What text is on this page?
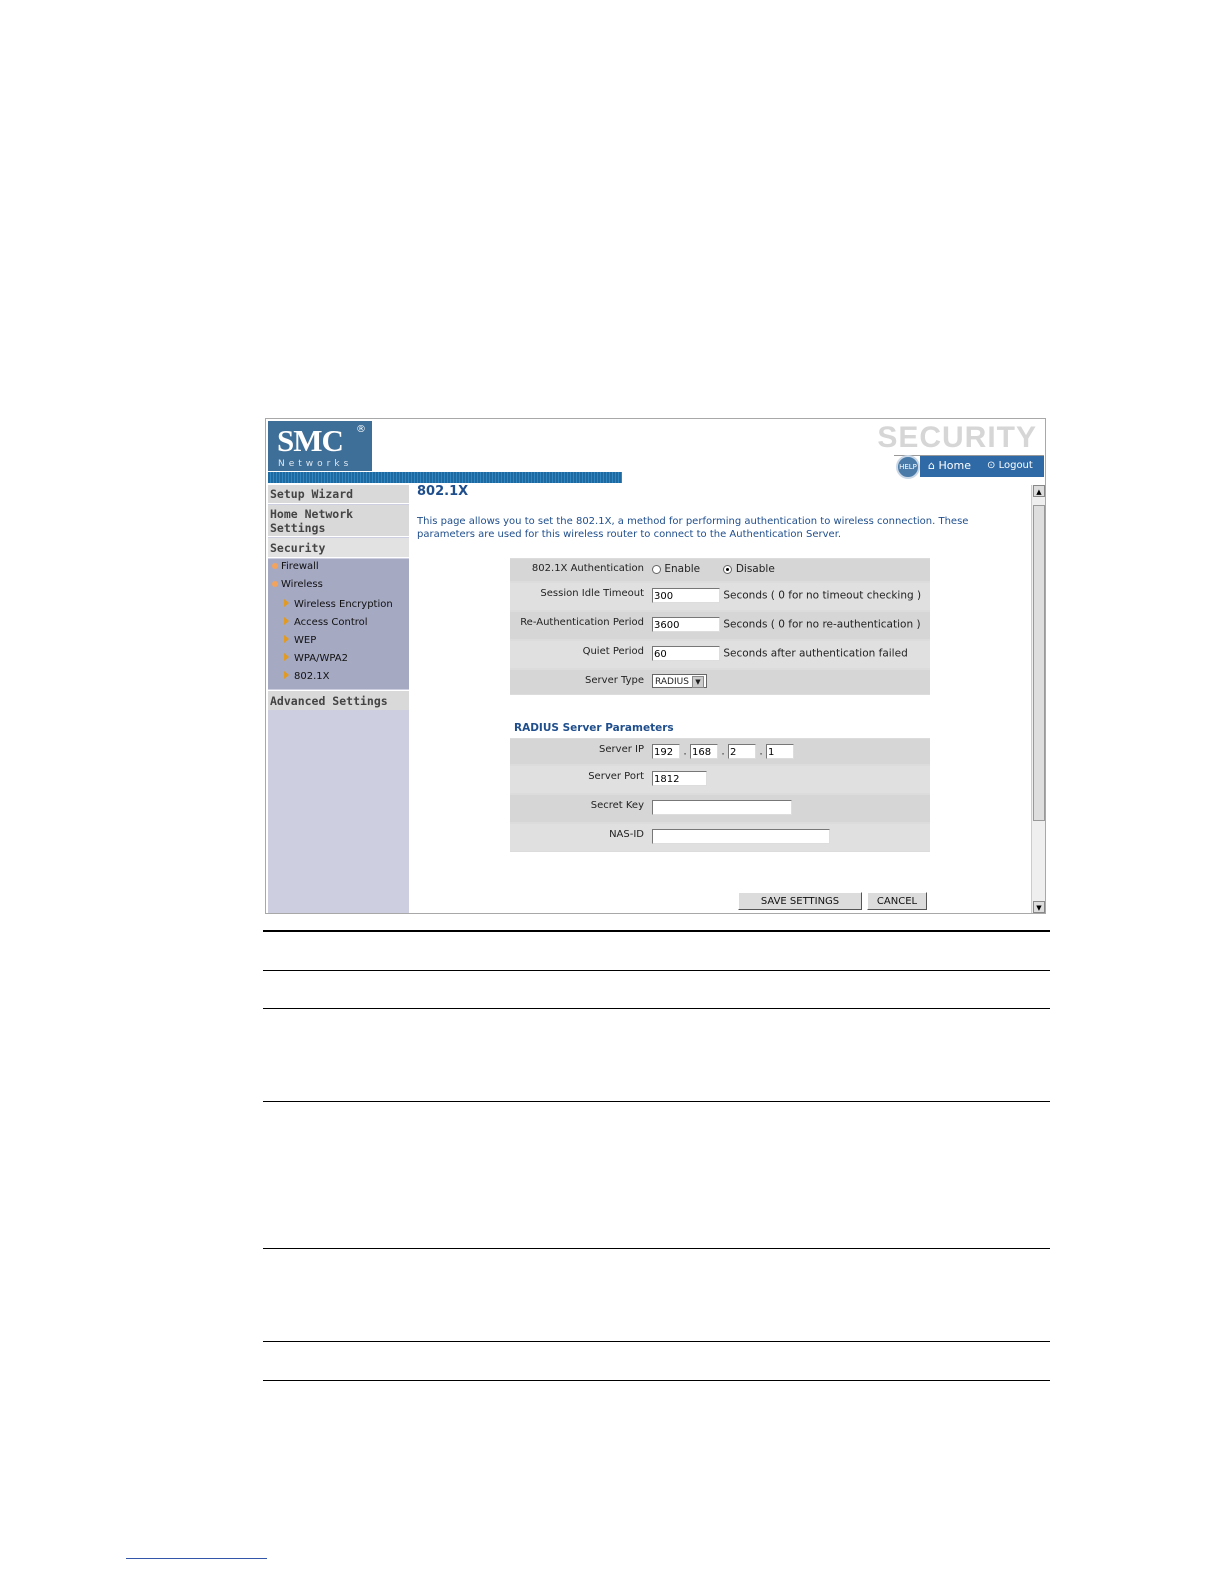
SMC ®
Networks
SECURITY
HELP ⌂ Home ⊙ Logout
Setup Wizard
Home Network
Settings
Security
Firewall
Wireless
Wireless Encryption
Access Control
WEP
WPA/WPA2
802.1X
Advanced Settings
802.1X
This page allows you to set the 802.1X, a method for performing authentication to wireless connection. These
parameters are used for this wireless router to connect to the Authentication Server.
802.1X Authentication	Enable	Disable
Session Idle Timeout 300	Seconds ( 0 for no timeout checking )
Re-Authentication Period 3600	Seconds ( 0 for no re-authentication )
Quiet Period 60	Seconds after authentication failed
Server Type	RADIUS ▼
RADIUS Server Parameters
Server IP 192 . 168 . 2 . 1
Server Port 1812
Secret Key
NAS-ID
SAVE SETTINGS	CANCEL
▲
▼
